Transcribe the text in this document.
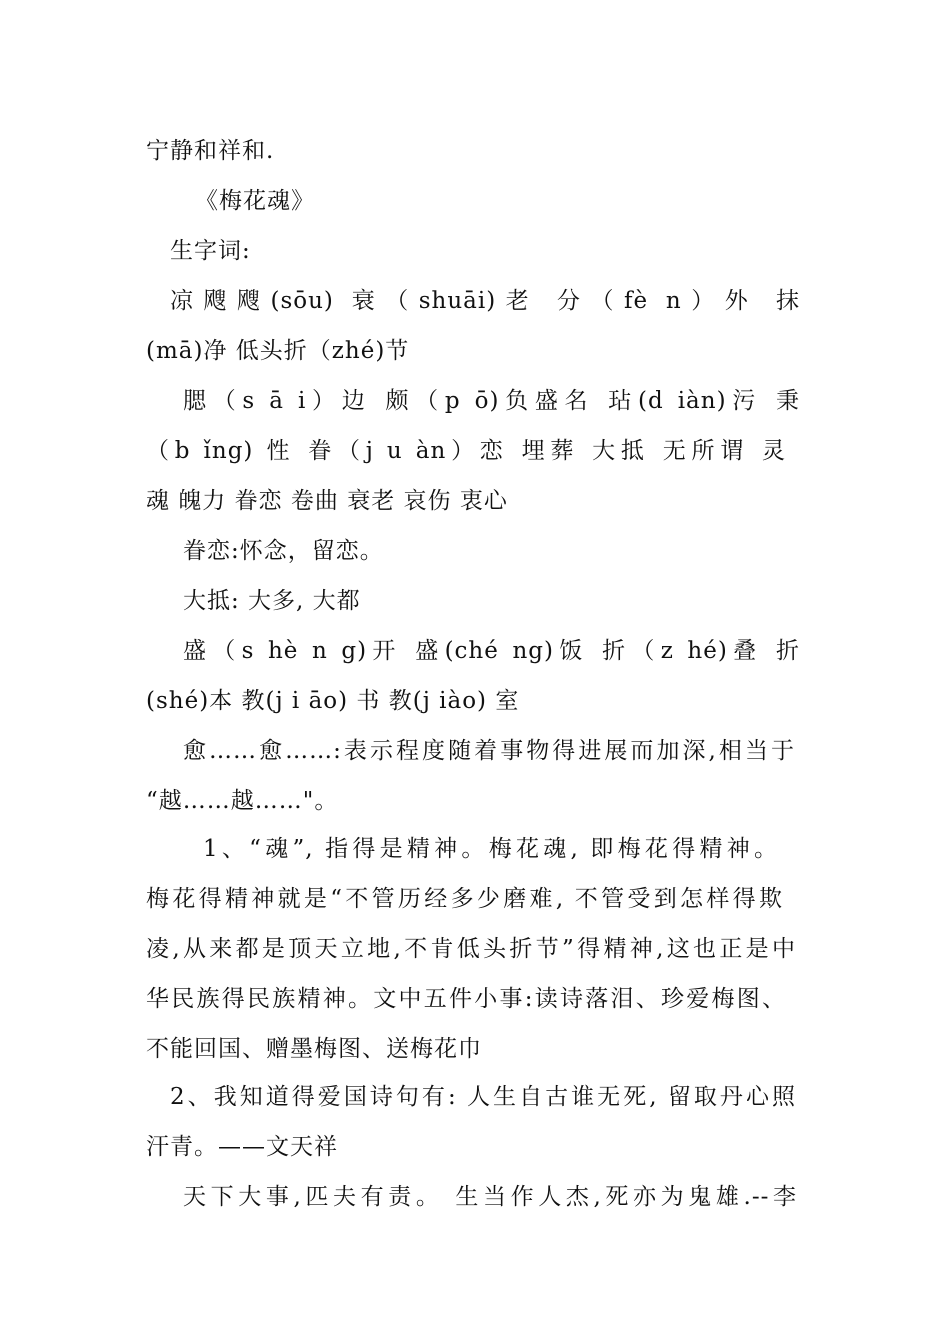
宁静和祥和.
《梅花魂》
生字词:
凉飕飕(sōu) 衰（shuāi)老 分（fè n）外 抹
(mā)净 低头折（zhé)节
腮（s ā i）边 颇（p ō)负盛名 玷(d iàn)污 秉
（b ǐng) 性 眷（j u àn）恋 埋葬 大抵 无所谓 灵
魂 魄力 眷恋 卷曲 衰老 哀伤 衷心
眷恋:怀念，留恋。
大抵: 大多, 大都
盛（s hè n g)开 盛(ché ng)饭 折（z hé)叠 折
(shé)本 教(j i āo) 书 教(j iào) 室
愈……愈……:表示程度随着事物得进展而加深,相当于
“越……越……"。
1、“魂”, 指得是精神。梅花魂, 即梅花得精神。
梅花得精神就是“不管历经多少磨难, 不管受到怎样得欺
凌,从来都是顶天立地,不肯低头折节”得精神,这也正是中
华民族得民族精神。文中五件小事:读诗落泪、珍爱梅图、
不能回国、赠墨梅图、送梅花巾
2、我知道得爱国诗句有: 人生自古谁无死, 留取丹心照
汗青。——文天祥
天下大事,匹夫有责。 生当作人杰,死亦为鬼雄.--李
